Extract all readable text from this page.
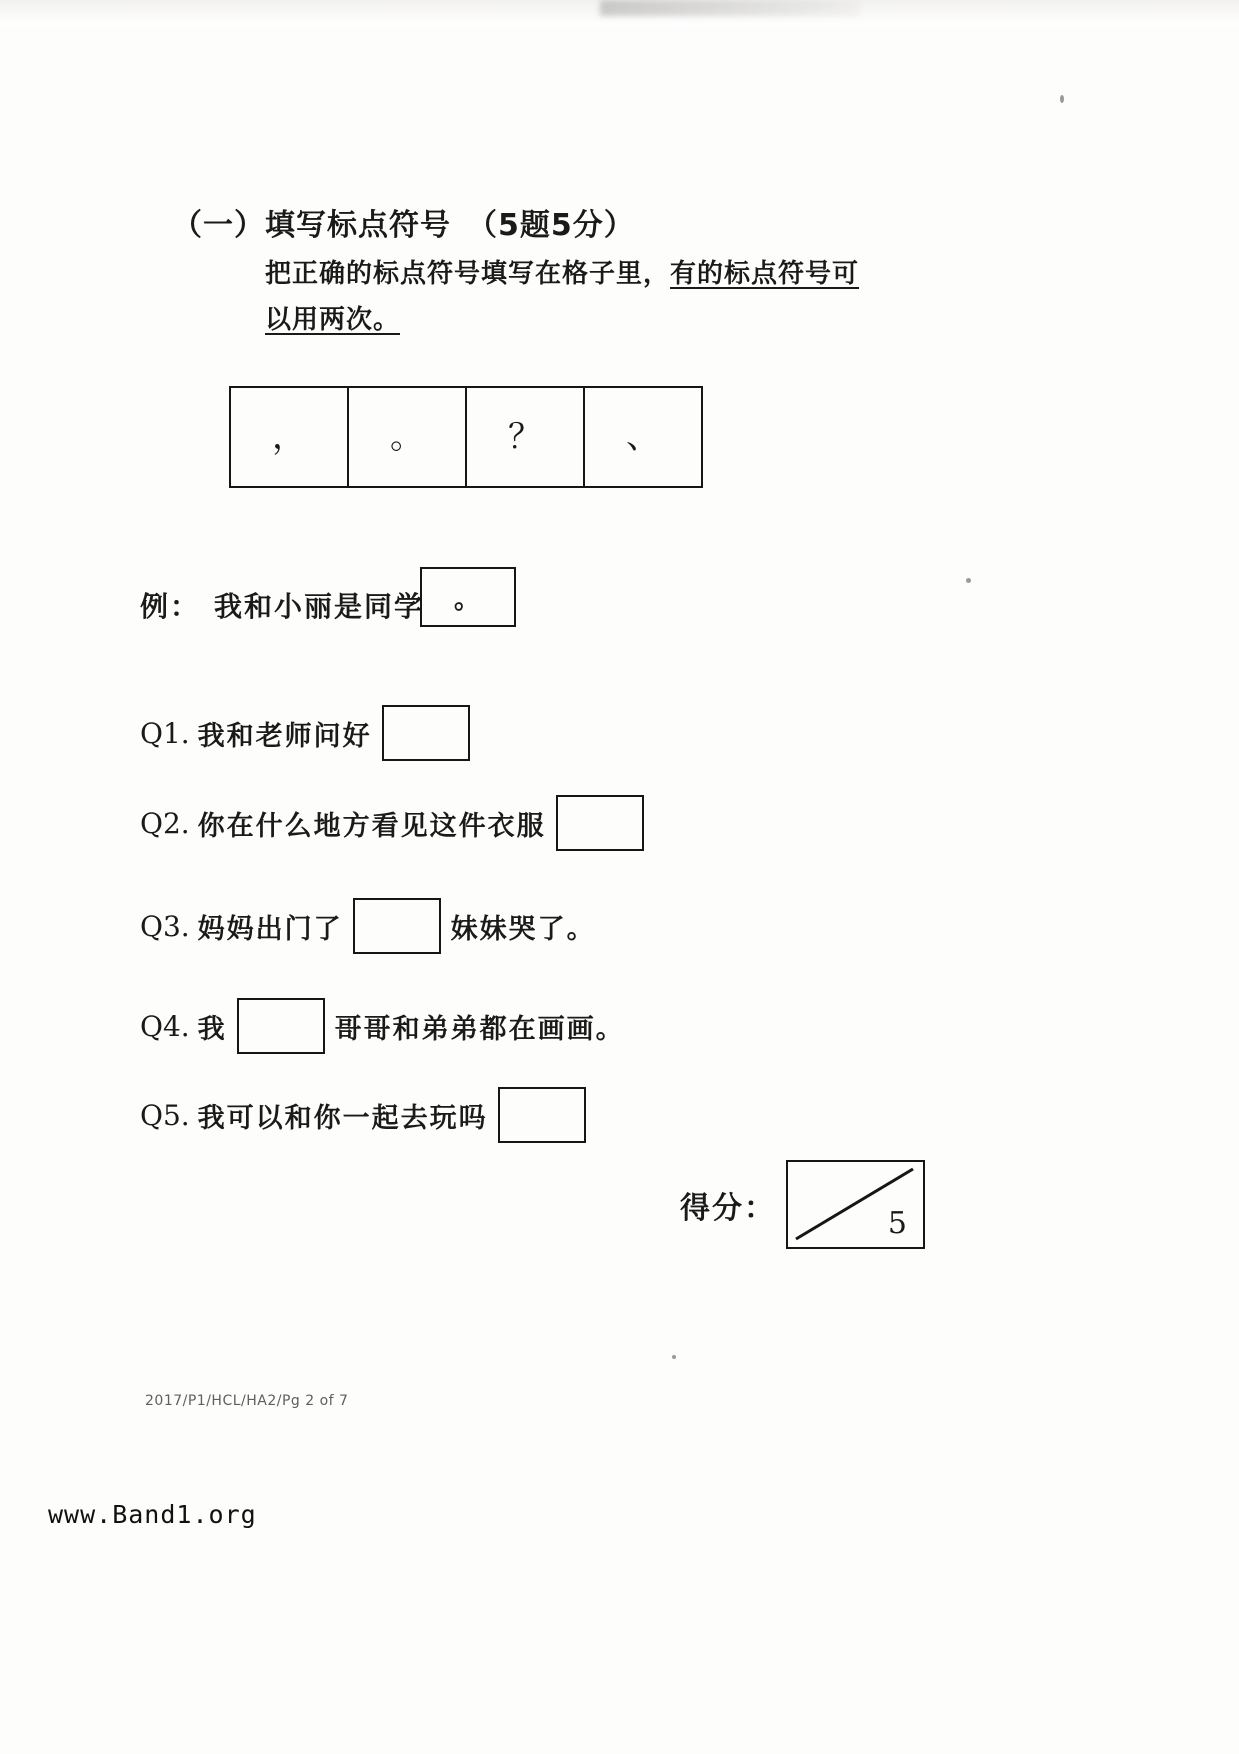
（一）填写标点符号　（5题5分）
把正确的标点符号填写在格子里，有的标点符号可
以用两次。
， 。 ？ 、
例： 我和小丽是同学	。
Q1. 我和老师问好
Q2. 你在什么地方看见这件衣服
Q3. 妈妈出门了	妹妹哭了。
Q4. 我	哥哥和弟弟都在画画。
Q5. 我可以和你一起去玩吗
得分：	5
2017/P1/HCL/HA2/Pg 2 of 7
www.Band1.org
